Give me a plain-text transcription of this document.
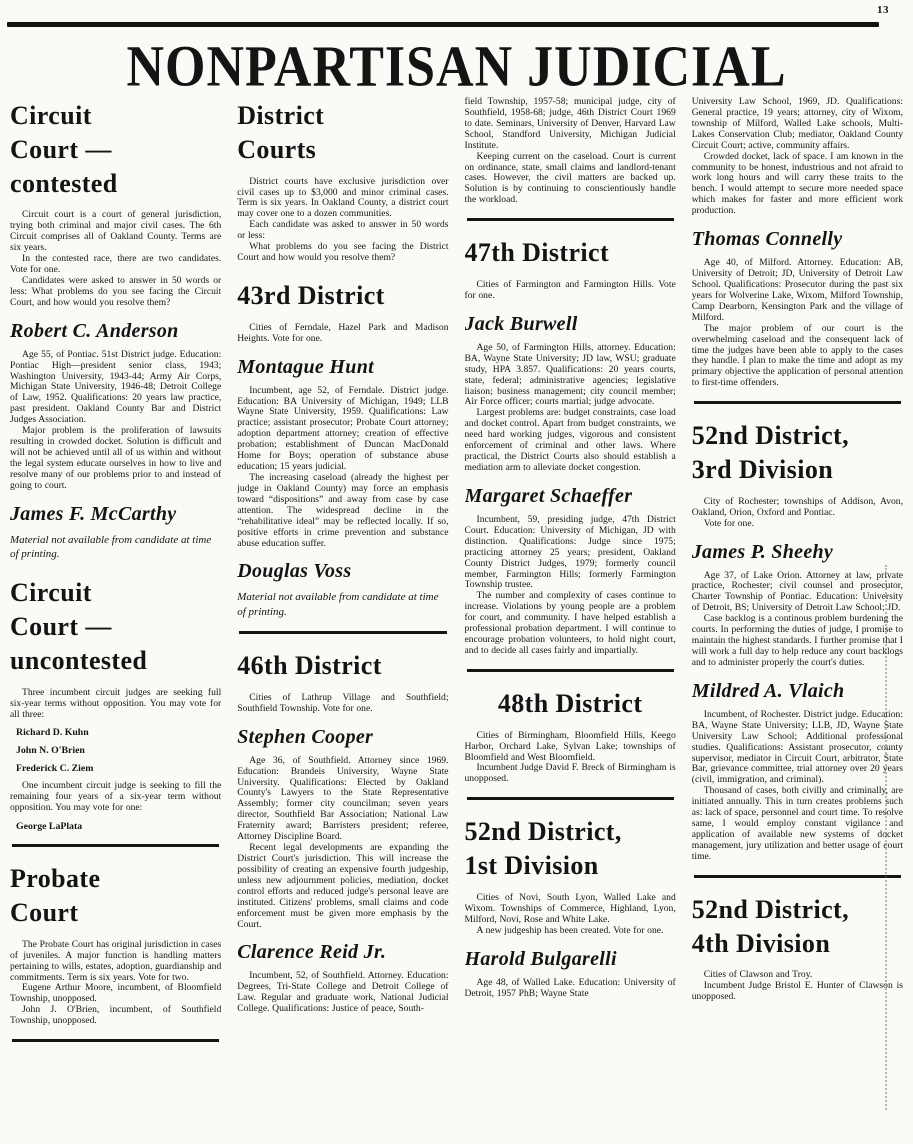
13
NONPARTISAN JUDICIAL
Circuit
Court —
contested

Circuit court is a court of general jurisdiction, trying both criminal and major civil cases. The 6th Circuit comprises all of Oakland County. Terms are six years.

In the contested race, there are two candidates. Vote for one.

Candidates were asked to answer in 50 words or less: What problems do you see facing the Circuit Court, and how would you resolve them?

Robert C. Anderson

Age 55, of Pontiac. 51st District judge. Education: Pontiac High—president senior class, 1943; Washington University, 1943-44; Army Air Corps, Michigan State University, 1946-48; Detroit College of Law, 1952. Qualifications: 20 years law practice, past president. Oakland County Bar and District Judges Association.

Major problem is the proliferation of lawsuits resulting in crowded docket. Solution is difficult and will not be achieved until all of us within and without the legal system educate ourselves in how to live and resolve many of our problems prior to and instead of going to court.

James F. McCarthy

Material not available from candidate at time of printing.

Circuit
Court —
uncontested

Three incumbent circuit judges are seeking full six-year terms without opposition. You may vote for all three:

Richard D. Kuhn
John N. O'Brien
Frederick C. Ziem

One incumbent circuit judge is seeking to fill the remaining four years of a six-year term without opposition. You may vote for one:

George LaPlata
Probate
Court

The Probate Court has original jurisdiction in cases of juveniles. A major function is handling matters pertaining to wills, estates, adoption, guardianship and commitments. Term is six years. Vote for two.

Eugene Arthur Moore, incumbent, of Bloomfield Township, unopposed.

John J. O'Brien, incumbent, of Southfield Township, unopposed.

District
Courts

District courts have exclusive jurisdiction over civil cases up to $3,000 and minor criminal cases. Term is six years. In Oakland County, a district court may cover one to a dozen communities.

Each candidate was asked to answer in 50 words or less:

What problems do you see facing the District Court and how would you resolve them?

43rd District

Cities of Ferndale, Hazel Park and Madison Heights. Vote for one.

Montague Hunt

Incumbent, age 52, of Ferndale. District judge. Education: BA University of Michigan, 1949; LLB Wayne State University, 1959. Qualifications: Law practice; assistant prosecutor; Probate Court attorney; adoption department attorney; creation of effective probation; establishment of Duncan MacDonald Home for Boys; operation of substance abuse education; 15 years judicial.

The increasing caseload (already the highest per judge in Oakland County) may force an emphasis toward “dispositions” and away from case by case attention. The widespread decline in the “rehabilitative ideal” may be reflected locally. If so, positive efforts in crime prevention and substance abuse education suffer.

Douglas Voss

Material not available from candidate at time of printing.

46th District

Cities of Lathrup Village and Southfield; Southfield Township. Vote for one.

Stephen Cooper

Age 36, of Southfield. Attorney since 1969. Education: Brandeis University, Wayne State University. Qualifications: Elected by Oakland County's Lawyers to the State Representative Assembly; former city councilman; seven years director, Southfield Bar Association; National Law Fraternity award; Barristers president; referee, Attorney Discipline Board.

Recent legal developments are expanding the District Court's jurisdiction. This will increase the possibility of creating an expensive fourth judgeship, unless new adjournment policies, mediation, docket control efforts and reduced judge's personal leave are instituted. Citizens' problems, small claims and code enforcement must be given more emphasis by the Court.

Clarence Reid Jr.

Incumbent, 52, of Southfield. Attorney. Education: Degrees, Tri-State College and Detroit College of Law. Regular and graduate work, National Judicial College. Qualifications: Justice of peace, South-

field Township, 1957-58; municipal judge, city of Southfield, 1958-68; judge, 46th District Court 1969 to date. Seminars, University of Denver, Harvard Law School, Standford University, Michigan Judicial Institute.

Keeping current on the caseload. Court is current on ordinance, state, small claims and landlord-tenant cases. However, the civil matters are backed up. Solution is by continuing to conscientiously handle the workload.

47th District

Cities of Farmington and Farmington Hills. Vote for one.

Jack Burwell

Age 50, of Farmington Hills, attorney. Education: BA, Wayne State University; JD law, WSU; graduate study, HPA 3.857. Qualifications: 20 years courts, state, federal; administrative agencies; legislative liaison; business management; city council member; Air Force officer; courts martial; judge advocate.

Largest problems are: budget constraints, case load and docket control. Apart from budget constraints, we need hard working judges, vigorous and consistent enforcement of criminal and other laws. Where practical, the District Courts also should establish a mediation arm to alleviate docket congestion.

Margaret Schaeffer

Incumbent, 59, presiding judge, 47th District Court. Education: University of Michigan, JD with distinction. Qualifications: Judge since 1975; practicing attorney 25 years; president, Oakland County District Judges, 1979; formerly council member, Farmington Hills; formerly Farmington Township trustee.

The number and complexity of cases continue to increase. Violations by young people are a problem for court, and community. I have helped establish a professional probation department. I will continue to encourage probation volunteers, to hold night court, and to decide all cases fairly and impartially.

48th District

Cities of Birmingham, Bloomfield Hills, Keego Harbor, Orchard Lake, Sylvan Lake; townships of Bloomfield and West Bloomfield.

Incumbent Judge David F. Breck of Birmingham is unopposed.

52nd District,
1st Division

Cities of Novi, South Lyon, Walled Lake and Wixom. Townships of Commerce, Highland, Lyon, Milford, Novi, Rose and White Lake.

A new judgeship has been created. Vote for one.

Harold Bulgarelli

Age 48, of Walled Lake. Education: University of Detroit, 1957 PhB; Wayne State

University Law School, 1969, JD. Qualifications: General practice, 19 years; attorney, city of Wixom, township of Milford, Walled Lake schools, Multi-Lakes Conservation Club; mediator, Oakland County Circuit Court; active, community affairs.

Crowded docket, lack of space. I am known in the community to be honest, industrious and not afraid to work long hours and will carry these traits to the bench. I would attempt to secure more needed space which makes for faster and more efficient work production.

Thomas Connelly

Age 40, of Milford. Attorney. Education: AB, University of Detroit; JD, University of Detroit Law School. Qualifications: Prosecutor during the past six years for Wolverine Lake, Wixom, Milford Township, Camp Dearborn, Kensington Park and the village of Milford.

The major problem of our court is the overwhelming caseload and the consequent lack of time the judges have been able to apply to the cases they handle. I plan to make the time and adopt as my primary objective the application of personal attention to first-time offenders.

52nd District,
3rd Division

City of Rochester; townships of Addison, Avon, Oakland, Orion, Oxford and Pontiac.

Vote for one.

James P. Sheehy

Age 37, of Lake Orion. Attorney at law, private practice, Rochester; civil counsel and prosecutor, Charter Township of Pontiac. Education: University of Detroit, BS; University of Detroit Law School; JD.

Case backlog is a continous problem burdening the courts. In performing the duties of judge, I promise to maintain the highest standards. I further promise that I will work a full day to help reduce any court backlogs and to administer properly the court's duties.

Mildred A. Vlaich

Incumbent, of Rochester. District judge. Education: BA, Wayne State University; LLB, JD, Wayne State University Law School; Additional professional studies. Qualifications: Assistant prosecutor, county supervisor, mediator in Circuit Court, arbitrator, State Bar, grievance committee, trial attorney over 20 years (civil, immigration, and criminal).

Thousand of cases, both civilly and criminally, are initiated annually. This in turn creates problems such as: lack of space, personnel and court time. To resolve same, I would employ constant vigilance and application of available new systems of docket management, jury utilization and better usage of court time.

52nd District,
4th Division

Cities of Clawson and Troy.

Incumbent Judge Bristol E. Hunter of Clawson is unopposed.
